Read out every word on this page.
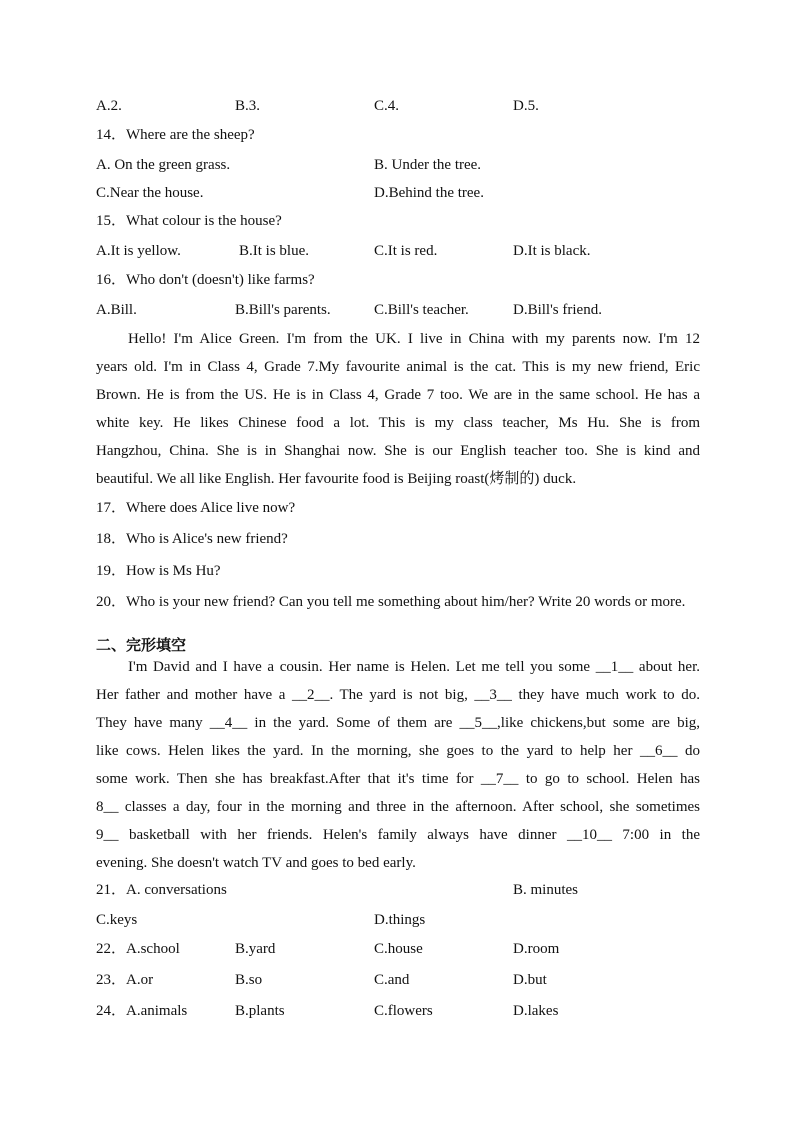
A.2.	B.3.	C.4.	D.5.
14．Where are the sheep?
A. On the green grass.	B. Under the tree.
C.Near the house.	D.Behind the tree.
15．What colour is the house?
A.It is yellow.	B.It is blue.	C.It is red.	D.It is black.
16．Who don't (doesn't) like farms?
A.Bill.	B.Bill's parents.	C.Bill's teacher.	D.Bill's friend.
Hello! I'm Alice Green. I'm from the UK. I live in China with my parents now. I'm 12
years old. I'm in Class 4, Grade 7.My favourite animal is the cat. This is my new friend, Eric
Brown. He is from the US. He is in Class 4, Grade 7 too. We are in the same school. He has a
white key. He likes Chinese food a lot. This is my class teacher, Ms Hu. She is from
Hangzhou, China. She is in Shanghai now. She is our English teacher too. She is kind and
beautiful. We all like English. Her favourite food is Beijing roast(烤制的) duck.
17．Where does Alice live now?
18．Who is Alice's new friend?
19．How is Ms Hu?
20．Who is your new friend? Can you tell me something about him/her? Write 20 words or more.
二、完形填空
I'm David and I have a cousin. Her name is Helen. Let me tell you some __1__ about her.
Her father and mother have a __2__. The yard is not big, __3__ they have much work to do.
They have many __4__ in the yard. Some of them are __5__,like chickens,but some are big,
like cows. Helen likes the yard. In the morning, she goes to the yard to help her __6__ do
some work. Then she has breakfast.After that it's time for __7__ to go to school. Helen has
8__ classes a day, four in the morning and three in the afternoon. After school, she sometimes
9__ basketball with her friends. Helen's family always have dinner __10__ 7:00 in the
evening. She doesn't watch TV and goes to bed early.
21．A. conversations	B. minutes
C.keys	D.things
22．A.school	B.yard	C.house	D.room
23．A.or	B.so	C.and	D.but
24．A.animals	B.plants	C.flowers	D.lakes
